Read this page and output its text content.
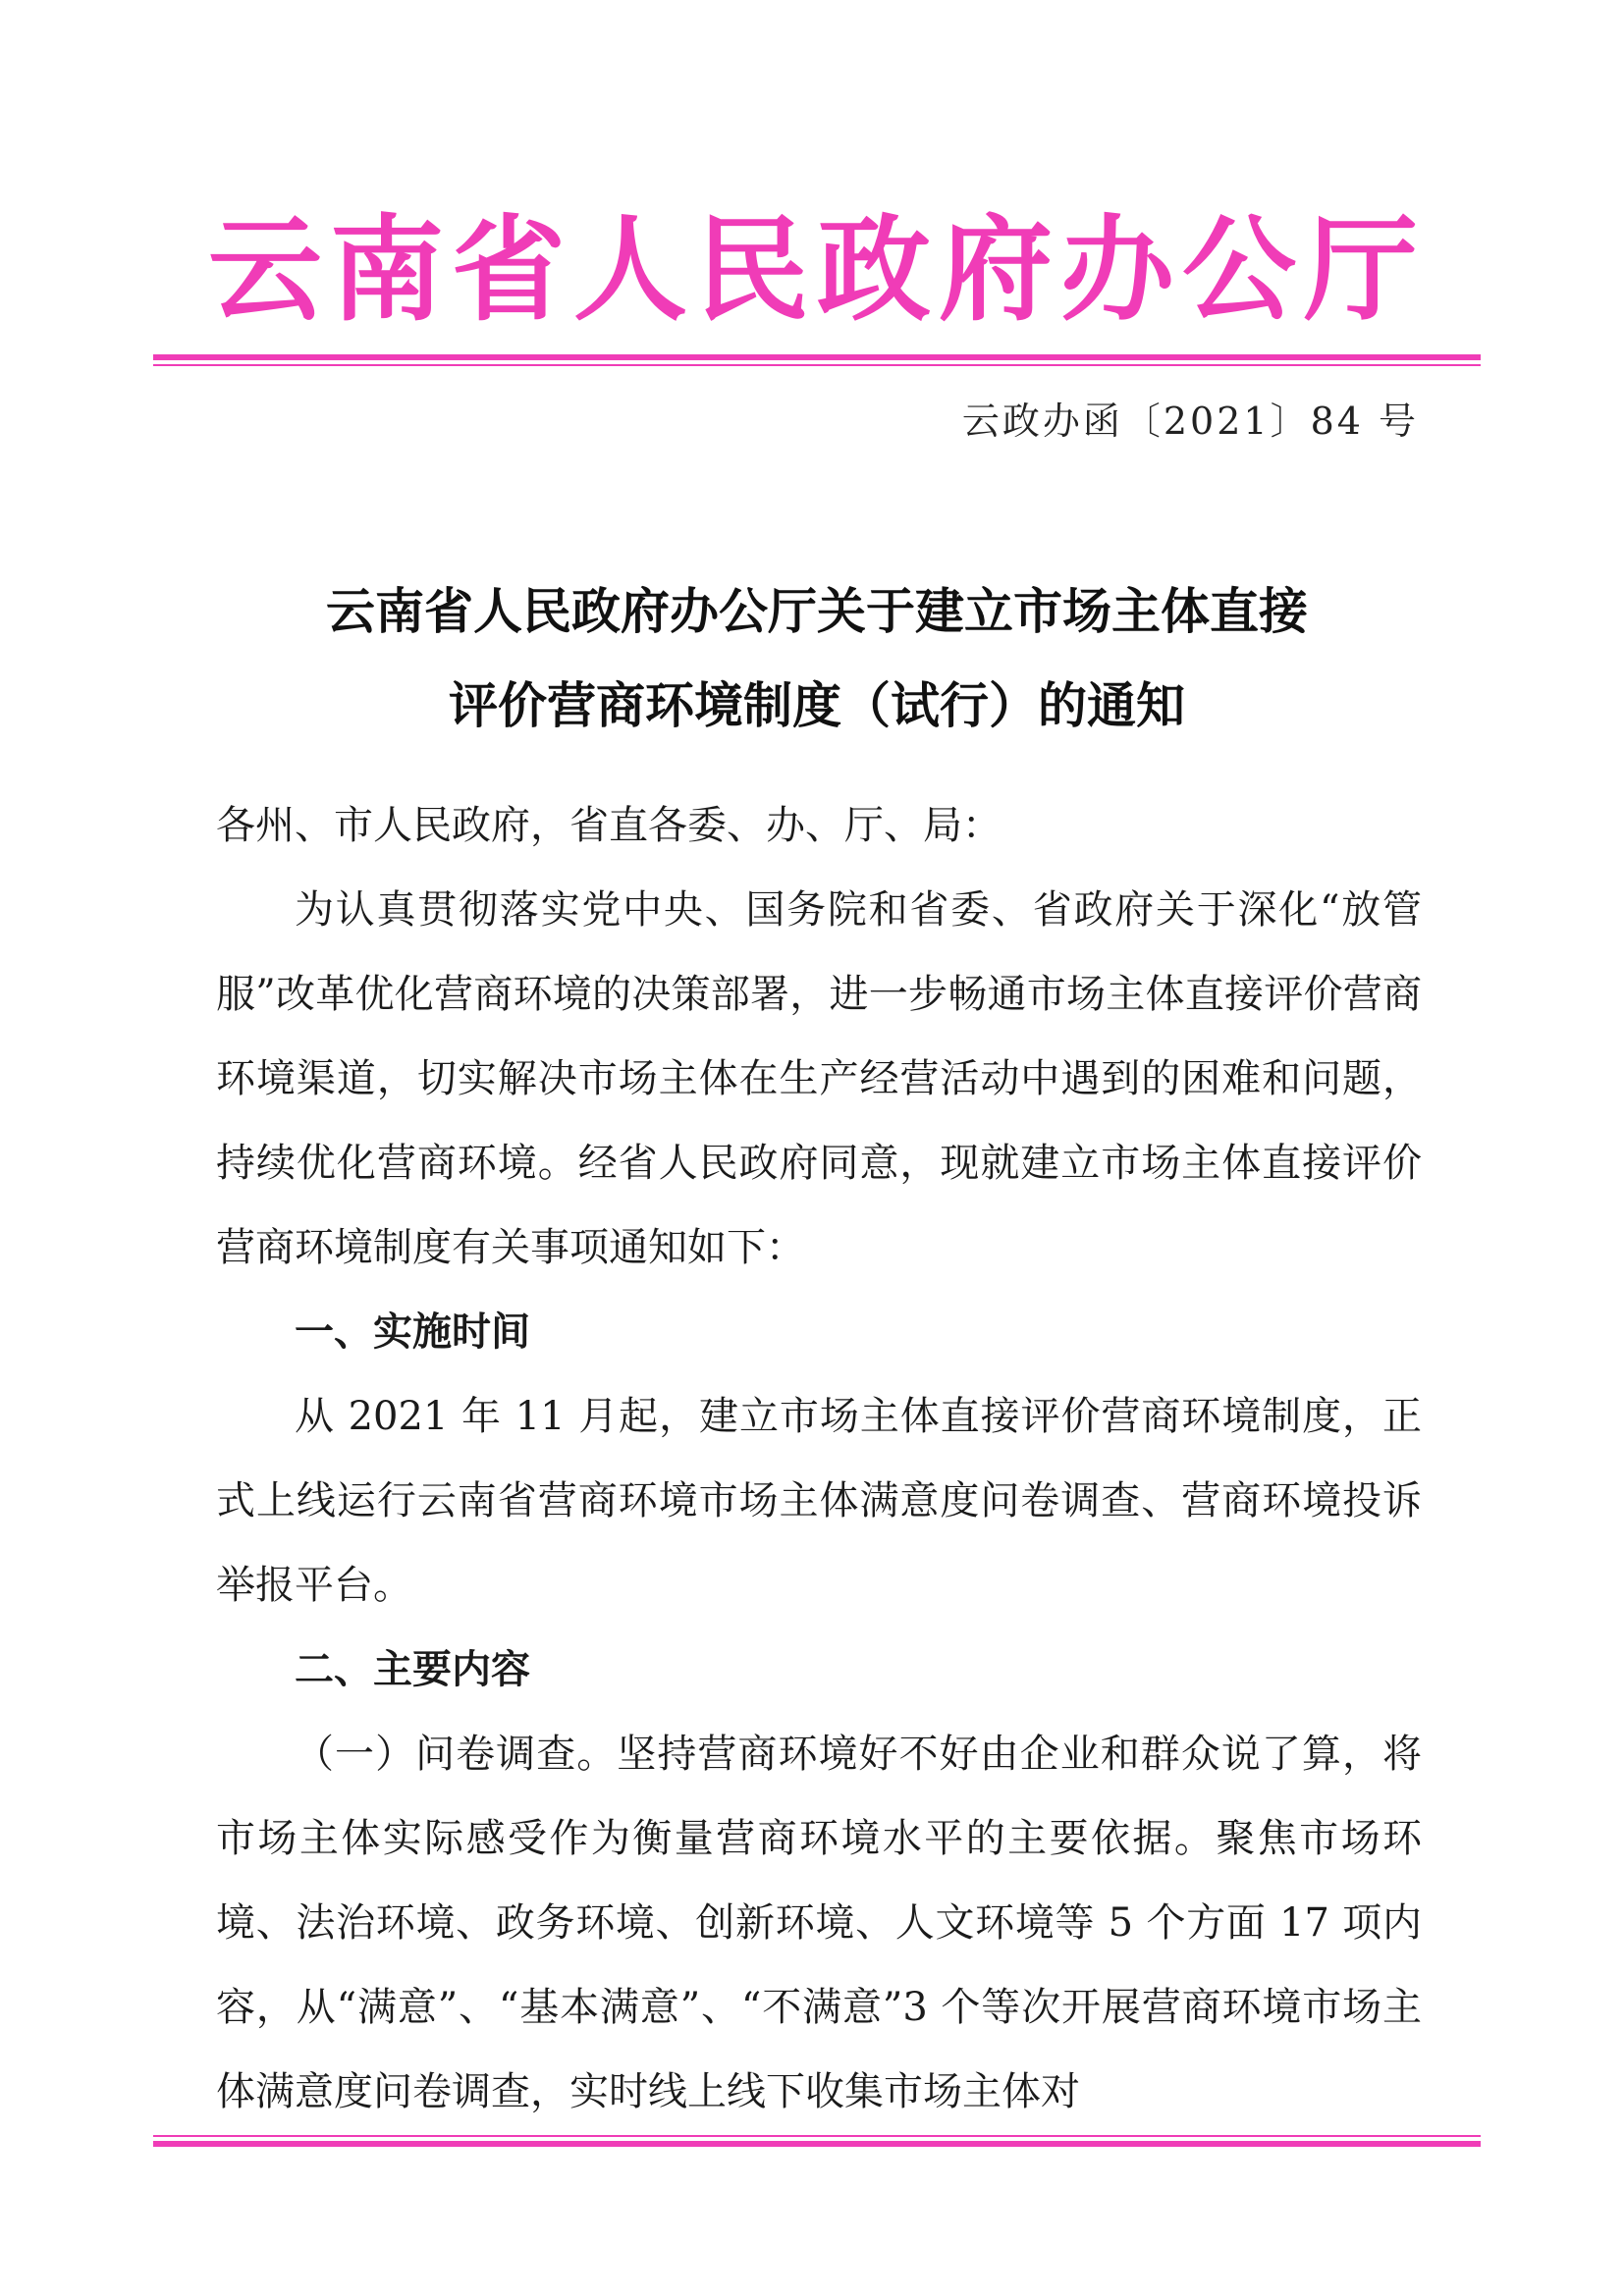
云南省人民政府办公厅
云政办函〔2021〕84 号
云南省人民政府办公厅关于建立市场主体直接
评价营商环境制度（试行）的通知

各州、市人民政府，省直各委、办、厅、局：

为认真贯彻落实党中央、国务院和省委、省政府关于深化“放管服”改革优化营商环境的决策部署，进一步畅通市场主体直接评价营商环境渠道，切实解决市场主体在生产经营活动中遇到的困难和问题，持续优化营商环境。经省人民政府同意，现就建立市场主体直接评价营商环境制度有关事项通知如下：

一、实施时间

从 2021 年 11 月起，建立市场主体直接评价营商环境制度，正式上线运行云南省营商环境市场主体满意度问卷调查、营商环境投诉举报平台。

二、主要内容

（一）问卷调查。坚持营商环境好不好由企业和群众说了算，将市场主体实际感受作为衡量营商环境水平的主要依据。聚焦市场环境、法治环境、政务环境、创新环境、人文环境等 5 个方面 17 项内容，从“满意”、“基本满意”、“不满意”3 个等次开展营商环境市场主体满意度问卷调查，实时线上线下收集市场主体对
